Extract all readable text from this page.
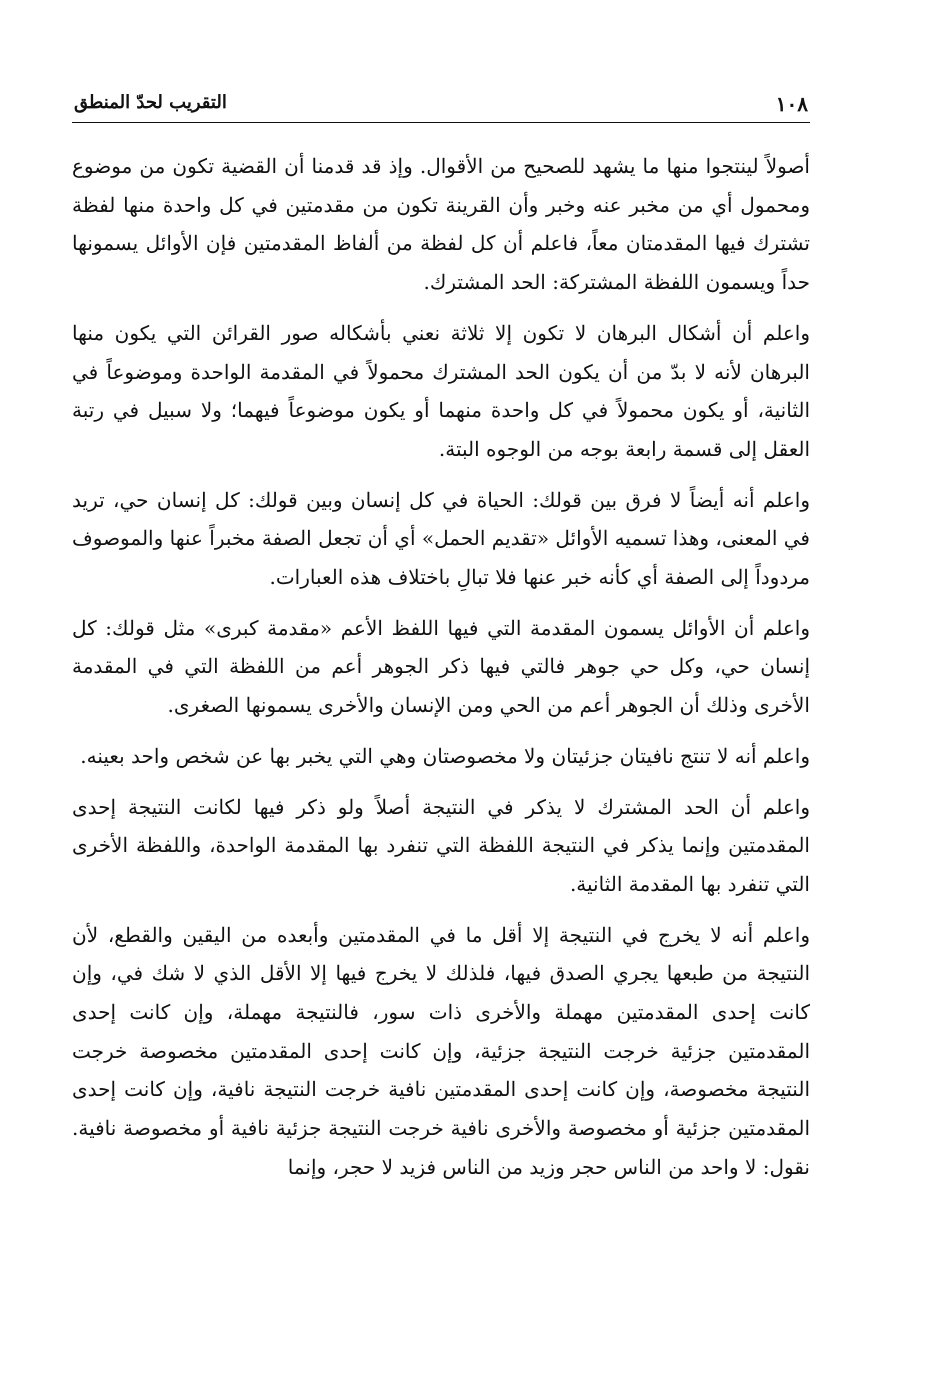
١٠٨
التقريب لحدّ المنطق

أصولاً لينتجوا منها ما يشهد للصحيح من الأقوال. وإذ قد قدمنا أن القضية تكون من موضوع ومحمول أي من مخبر عنه وخبر وأن القرينة تكون من مقدمتين في كل واحدة منها لفظة تشترك فيها المقدمتان معاً، فاعلم أن كل لفظة من ألفاظ المقدمتين فإن الأوائل يسمونها حداً ويسمون اللفظة المشتركة: الحد المشترك.

واعلم أن أشكال البرهان لا تكون إلا ثلاثة نعني بأشكاله صور القرائن التي يكون منها البرهان لأنه لا بدّ من أن يكون الحد المشترك محمولاً في المقدمة الواحدة وموضوعاً في الثانية، أو يكون محمولاً في كل واحدة منهما أو يكون موضوعاً فيهما؛ ولا سبيل في رتبة العقل إلى قسمة رابعة بوجه من الوجوه البتة.

واعلم أنه أيضاً لا فرق بين قولك: الحياة في كل إنسان وبين قولك: كل إنسان حي، تريد في المعنى، وهذا تسميه الأوائل «تقديم الحمل» أي أن تجعل الصفة مخبراً عنها والموصوف مردوداً إلى الصفة أي كأنه خبر عنها فلا تبالِ باختلاف هذه العبارات.

واعلم أن الأوائل يسمون المقدمة التي فيها اللفظ الأعم «مقدمة كبرى» مثل قولك: كل إنسان حي، وكل حي جوهر فالتي فيها ذكر الجوهر أعم من اللفظة التي في المقدمة الأخرى وذلك أن الجوهر أعم من الحي ومن الإنسان والأخرى يسمونها الصغرى.

واعلم أنه لا تنتج نافيتان جزئيتان ولا مخصوصتان وهي التي يخبر بها عن شخص واحد بعينه.

واعلم أن الحد المشترك لا يذكر في النتيجة أصلاً ولو ذكر فيها لكانت النتيجة إحدى المقدمتين وإنما يذكر في النتيجة اللفظة التي تنفرد بها المقدمة الواحدة، واللفظة الأخرى التي تنفرد بها المقدمة الثانية.

واعلم أنه لا يخرج في النتيجة إلا أقل ما في المقدمتين وأبعده من اليقين والقطع، لأن النتيجة من طبعها يجري الصدق فيها، فلذلك لا يخرج فيها إلا الأقل الذي لا شك في، وإن كانت إحدى المقدمتين مهملة والأخرى ذات سور، فالنتيجة مهملة، وإن كانت إحدى المقدمتين جزئية خرجت النتيجة جزئية، وإن كانت إحدى المقدمتين مخصوصة خرجت النتيجة مخصوصة، وإن كانت إحدى المقدمتين نافية خرجت النتيجة نافية، وإن كانت إحدى المقدمتين جزئية أو مخصوصة والأخرى نافية خرجت النتيجة جزئية نافية أو مخصوصة نافية. نقول: لا واحد من الناس حجر وزيد من الناس فزيد لا حجر، وإنما
